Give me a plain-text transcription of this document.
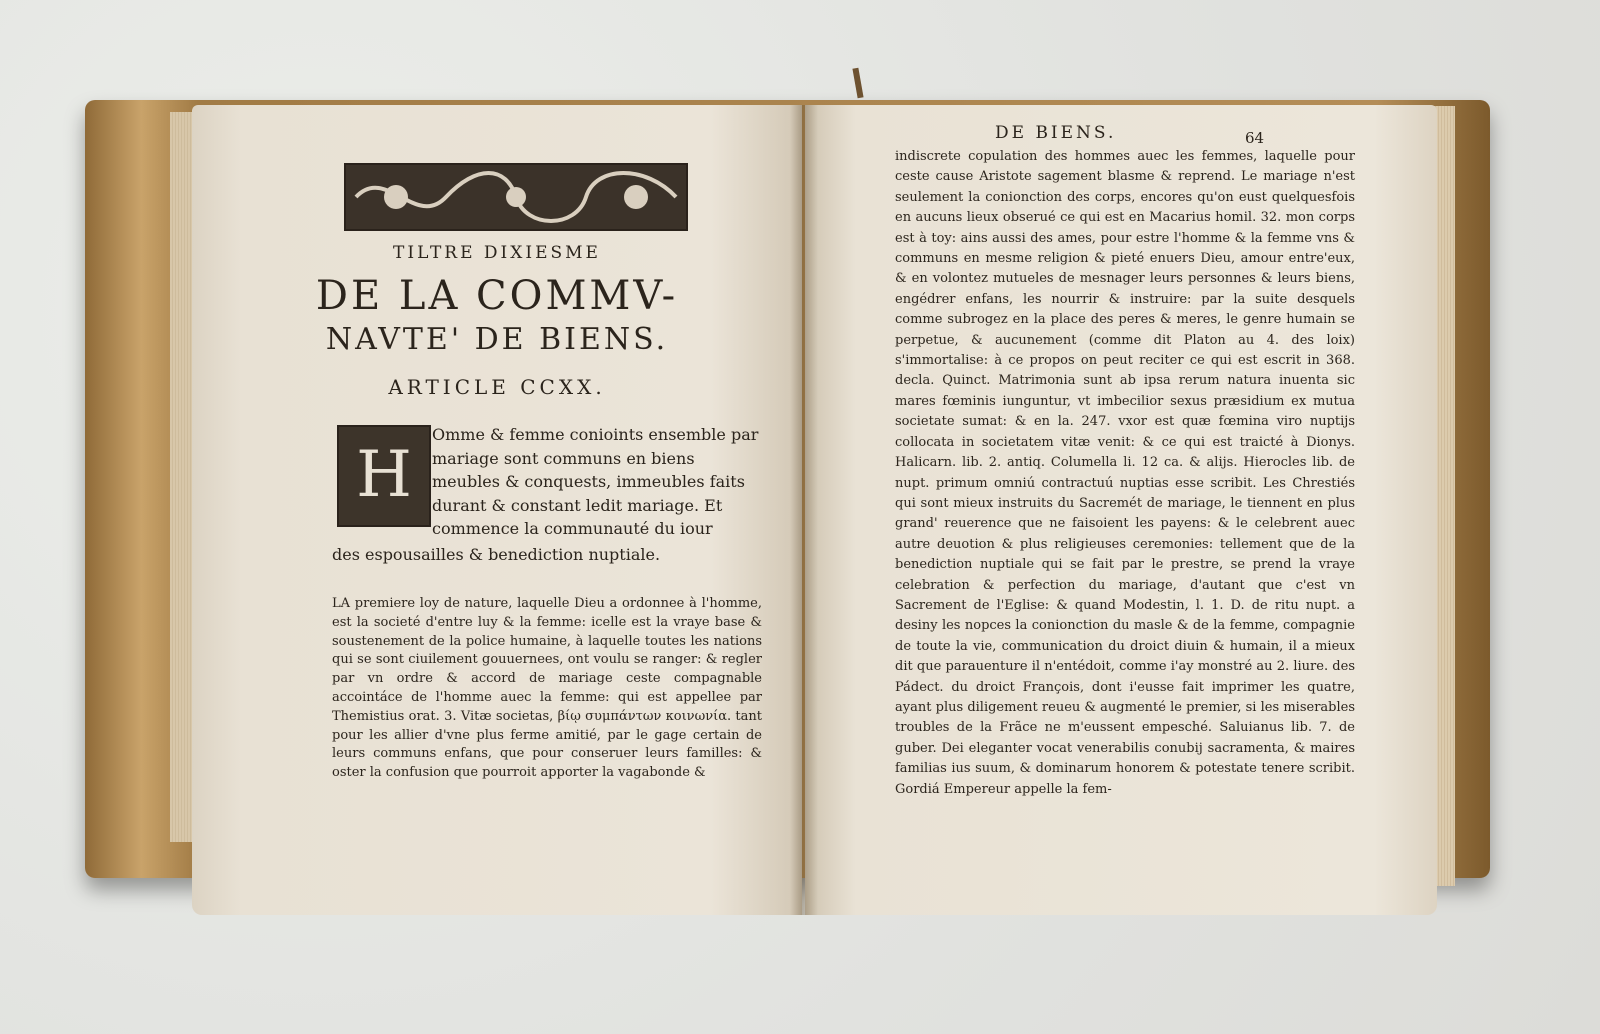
TILTRE DIXIESME
DE LA COMMV-
NAVTE' DE BIENS.
ARTICLE CCXX.
H
Omme & femme conioints ensemble par mariage sont communs en biens meubles & conquests, immeubles faits durant & constant ledit mariage. Et commence la communauté du iour
des espousailles & benediction nuptiale.
LA premiere loy de nature, laquelle Dieu a ordonnee à l'homme, est la societé d'entre luy & la femme: icelle est la vraye base & soustenement de la police humaine, à laquelle toutes les nations qui se sont ciuilement gouuernees, ont voulu se ranger: & regler par vn ordre & accord de mariage ceste compagnable accointáce de l'homme auec la femme: qui est appellee par Themistius orat. 3. Vitæ societas, βίῳ συμπάντων κοινωνία. tant pour les allier d'vne plus ferme amitié, par le gage certain de leurs communs enfans, que pour conseruer leurs familles: & oster la confusion que pourroit apporter la vagabonde &
DE BIENS.	64
indiscrete copulation des hommes auec les femmes, laquelle pour ceste cause Aristote sagement blasme & reprend. Le mariage n'est seulement la conionction des corps, encores qu'on eust quelquesfois en aucuns lieux obserué ce qui est en Macarius homil. 32. mon corps est à toy: ains aussi des ames, pour estre l'homme & la femme vns & communs en mesme religion & pieté enuers Dieu, amour entre'eux, & en volontez mutueles de mesnager leurs personnes & leurs biens, engédrer enfans, les nourrir & instruire: par la suite desquels comme subrogez en la place des peres & meres, le genre humain se perpetue, & aucunement (comme dit Platon au 4. des loix) s'immortalise: à ce propos on peut reciter ce qui est escrit in 368. decla. Quinct. Matrimonia sunt ab ipsa rerum natura inuenta sic mares fœminis iunguntur, vt imbecilior sexus præsidium ex mutua societate sumat: & en la. 247. vxor est quæ fœmina viro nuptijs collocata in societatem vitæ venit: & ce qui est traicté à Dionys. Halicarn. lib. 2. antiq. Columella li. 12 ca. & alijs. Hierocles lib. de nupt. primum omniú contractuú nuptias esse scribit. Les Chrestiés qui sont mieux instruits du Sacremét de mariage, le tiennent en plus grand' reuerence que ne faisoient les payens: & le celebrent auec autre deuotion & plus religieuses ceremonies: tellement que de la benediction nuptiale qui se fait par le prestre, se prend la vraye celebration & perfection du mariage, d'autant que c'est vn Sacrement de l'Eglise: & quand Modestin, l. 1. D. de ritu nupt. a desiny les nopces la conionction du masle & de la femme, compagnie de toute la vie, communication du droict diuin & humain, il a mieux dit que parauenture il n'entédoit, comme i'ay monstré au 2. liure. des Pádect. du droict François, dont i'eusse fait imprimer les quatre, ayant plus diligement reueu & augmenté le premier, si les miserables troubles de la Frãce ne m'eussent empesché. Saluianus lib. 7. de guber. Dei eleganter vocat venerabilis conubij sacramenta, & maires familias ius suum, & dominarum honorem & potestate tenere scribit. Gordiá Empereur appelle la fem-
